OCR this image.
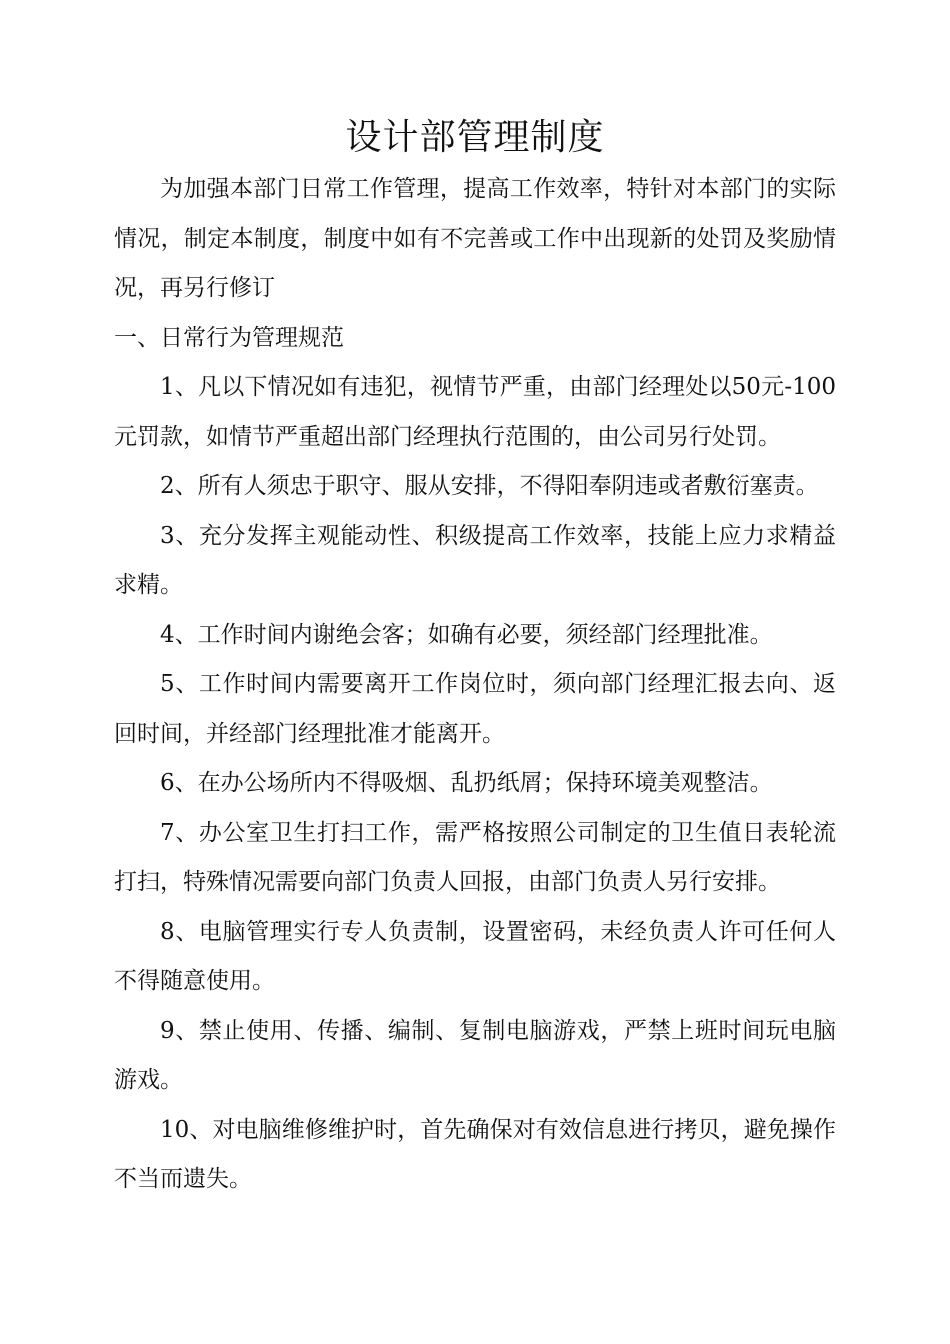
设计部管理制度

为加强本部门日常工作管理，提高工作效率，特针对本部门的实际情况，制定本制度，制度中如有不完善或工作中出现新的处罚及奖励情况，再另行修订

一、日常行为管理规范

1、凡以下情况如有违犯，视情节严重，由部门经理处以50元-100元罚款，如情节严重超出部门经理执行范围的，由公司另行处罚。

2、所有人须忠于职守、服从安排，不得阳奉阴违或者敷衍塞责。

3、充分发挥主观能动性、积级提高工作效率，技能上应力求精益求精。

4、工作时间内谢绝会客；如确有必要，须经部门经理批准。

5、工作时间内需要离开工作岗位时，须向部门经理汇报去向、返回时间，并经部门经理批准才能离开。

6、在办公场所内不得吸烟、乱扔纸屑；保持环境美观整洁。

7、办公室卫生打扫工作，需严格按照公司制定的卫生值日表轮流打扫，特殊情况需要向部门负责人回报，由部门负责人另行安排。

8、电脑管理实行专人负责制，设置密码，未经负责人许可任何人不得随意使用。

9、禁止使用、传播、编制、复制电脑游戏，严禁上班时间玩电脑游戏。

10、对电脑维修维护时，首先确保对有效信息进行拷贝，避免操作不当而遗失。
